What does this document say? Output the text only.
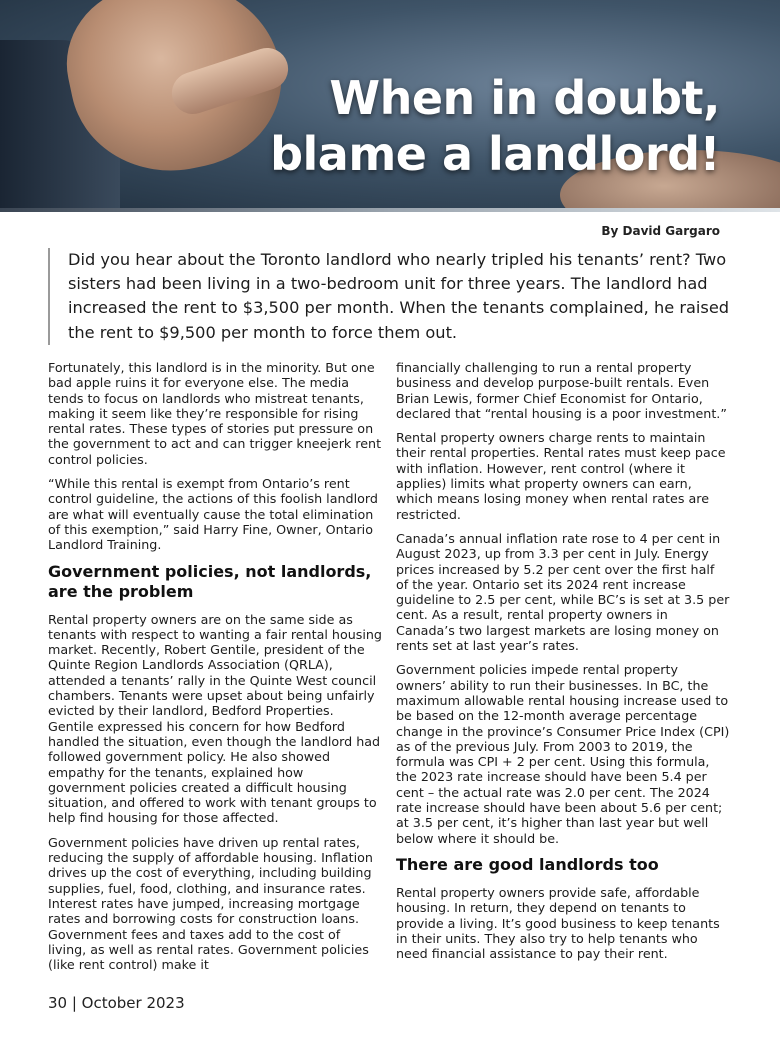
When in doubt,
blame a landlord!
By David Gargaro
Did you hear about the Toronto landlord who nearly tripled his tenants’ rent? Two sisters had been living in a two-bedroom unit for three years. The landlord had increased the rent to $3,500 per month. When the tenants complained, he raised the rent to $9,500 per month to force them out.

Fortunately, this landlord is in the minority. But one bad apple ruins it for everyone else. The media tends to focus on landlords who mistreat tenants, making it seem like they’re responsible for rising rental rates. These types of stories put pressure on the government to act and can trigger kneejerk rent control policies.

“While this rental is exempt from Ontario’s rent control guideline, the actions of this foolish landlord are what will eventually cause the total elimination of this exemption,” said Harry Fine, Owner, Ontario Landlord Training.

Government policies, not landlords, are the problem

Rental property owners are on the same side as tenants with respect to wanting a fair rental housing market. Recently, Robert Gentile, president of the Quinte Region Landlords Association (QRLA), attended a tenants’ rally in the Quinte West council chambers. Tenants were upset about being unfairly evicted by their landlord, Bedford Properties. Gentile expressed his concern for how Bedford handled the situation, even though the landlord had followed government policy. He also showed empathy for the tenants, explained how government policies created a difficult housing situation, and offered to work with tenant groups to help find housing for those affected.

Government policies have driven up rental rates, reducing the supply of affordable housing. Inflation drives up the cost of everything, including building supplies, fuel, food, clothing, and insurance rates. Interest rates have jumped, increasing mortgage rates and borrowing costs for construction loans. Government fees and taxes add to the cost of living, as well as rental rates. Government policies (like rent control) make it

financially challenging to run a rental property business and develop purpose-built rentals. Even Brian Lewis, former Chief Economist for Ontario, declared that “rental housing is a poor investment.”

Rental property owners charge rents to maintain their rental properties. Rental rates must keep pace with inflation. However, rent control (where it applies) limits what property owners can earn, which means losing money when rental rates are restricted.

Canada’s annual inflation rate rose to 4 per cent in August 2023, up from 3.3 per cent in July. Energy prices increased by 5.2 per cent over the first half of the year. Ontario set its 2024 rent increase guideline to 2.5 per cent, while BC’s is set at 3.5 per cent. As a result, rental property owners in Canada’s two largest markets are losing money on rents set at last year’s rates.

Government policies impede rental property owners’ ability to run their businesses. In BC, the maximum allowable rental housing increase used to be based on the 12-month average percentage change in the province’s Consumer Price Index (CPI) as of the previous July. From 2003 to 2019, the formula was CPI + 2 per cent. Using this formula, the 2023 rate increase should have been 5.4 per cent – the actual rate was 2.0 per cent. The 2024 rate increase should have been about 5.6 per cent; at 3.5 per cent, it’s higher than last year but well below where it should be.

There are good landlords too

Rental property owners provide safe, affordable housing. In return, they depend on tenants to provide a living. It’s good business to keep tenants in their units. They also try to help tenants who need financial assistance to pay their rent.

30 | October 2023
